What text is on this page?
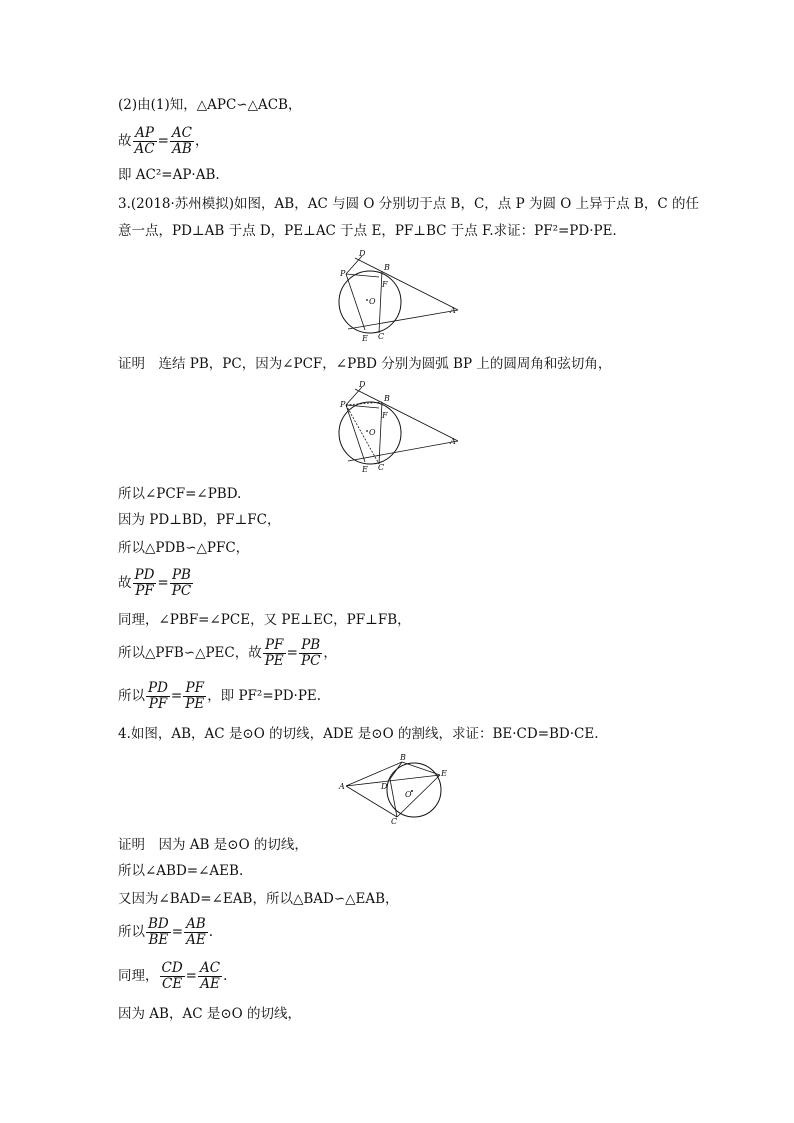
(2)由(1)知，△APC∽△ACB，
故 $\frac{AP}{AC} = \frac{AC}{AB}$ ，
即 AC²=AP·AB.
3.(2018·苏州模拟)如图，AB，AC 与圆 O 分别切于点 B，C，点 P 为圆 O 上异于点 B，C 的任
意一点，PD⊥AB 于点 D，PE⊥AC 于点 E，PF⊥BC 于点 F.求证：PF²=PD·PE.
D
P
B
F
O
A
E C
证明　连结 PB，PC，因为∠PCF，∠PBD 分别为圆弧 BP 上的圆周角和弦切角，
D
P
B
F
O
A
E C
所以∠PCF=∠PBD.
因为 PD⊥BD，PF⊥FC，
所以△PDB∽△PFC，
故 $\frac{PD}{PF} = \frac{PB}{PC}$
同理，∠PBF=∠PCE，又 PE⊥EC，PF⊥FB，
所以△PFB∽△PEC，故 $\frac{PF}{PE} = \frac{PB}{PC}$ ，
所以 $\frac{PD}{PF} = \frac{PF}{PE}$ ，即 PF²=PD·PE.
4.如图，AB，AC 是⊙O 的切线，ADE 是⊙O 的割线，求证：BE·CD=BD·CE.
A
B
D
O
E
C
证明　因为 AB 是⊙O 的切线，
所以∠ABD=∠AEB.
又因为∠BAD=∠EAB，所以△BAD∽△EAB，
所以 $\frac{BD}{BE} = \frac{AB}{AE}$ .
同理， $\frac{CD}{CE} = \frac{AC}{AE}$ .
因为 AB，AC 是⊙O 的切线，
